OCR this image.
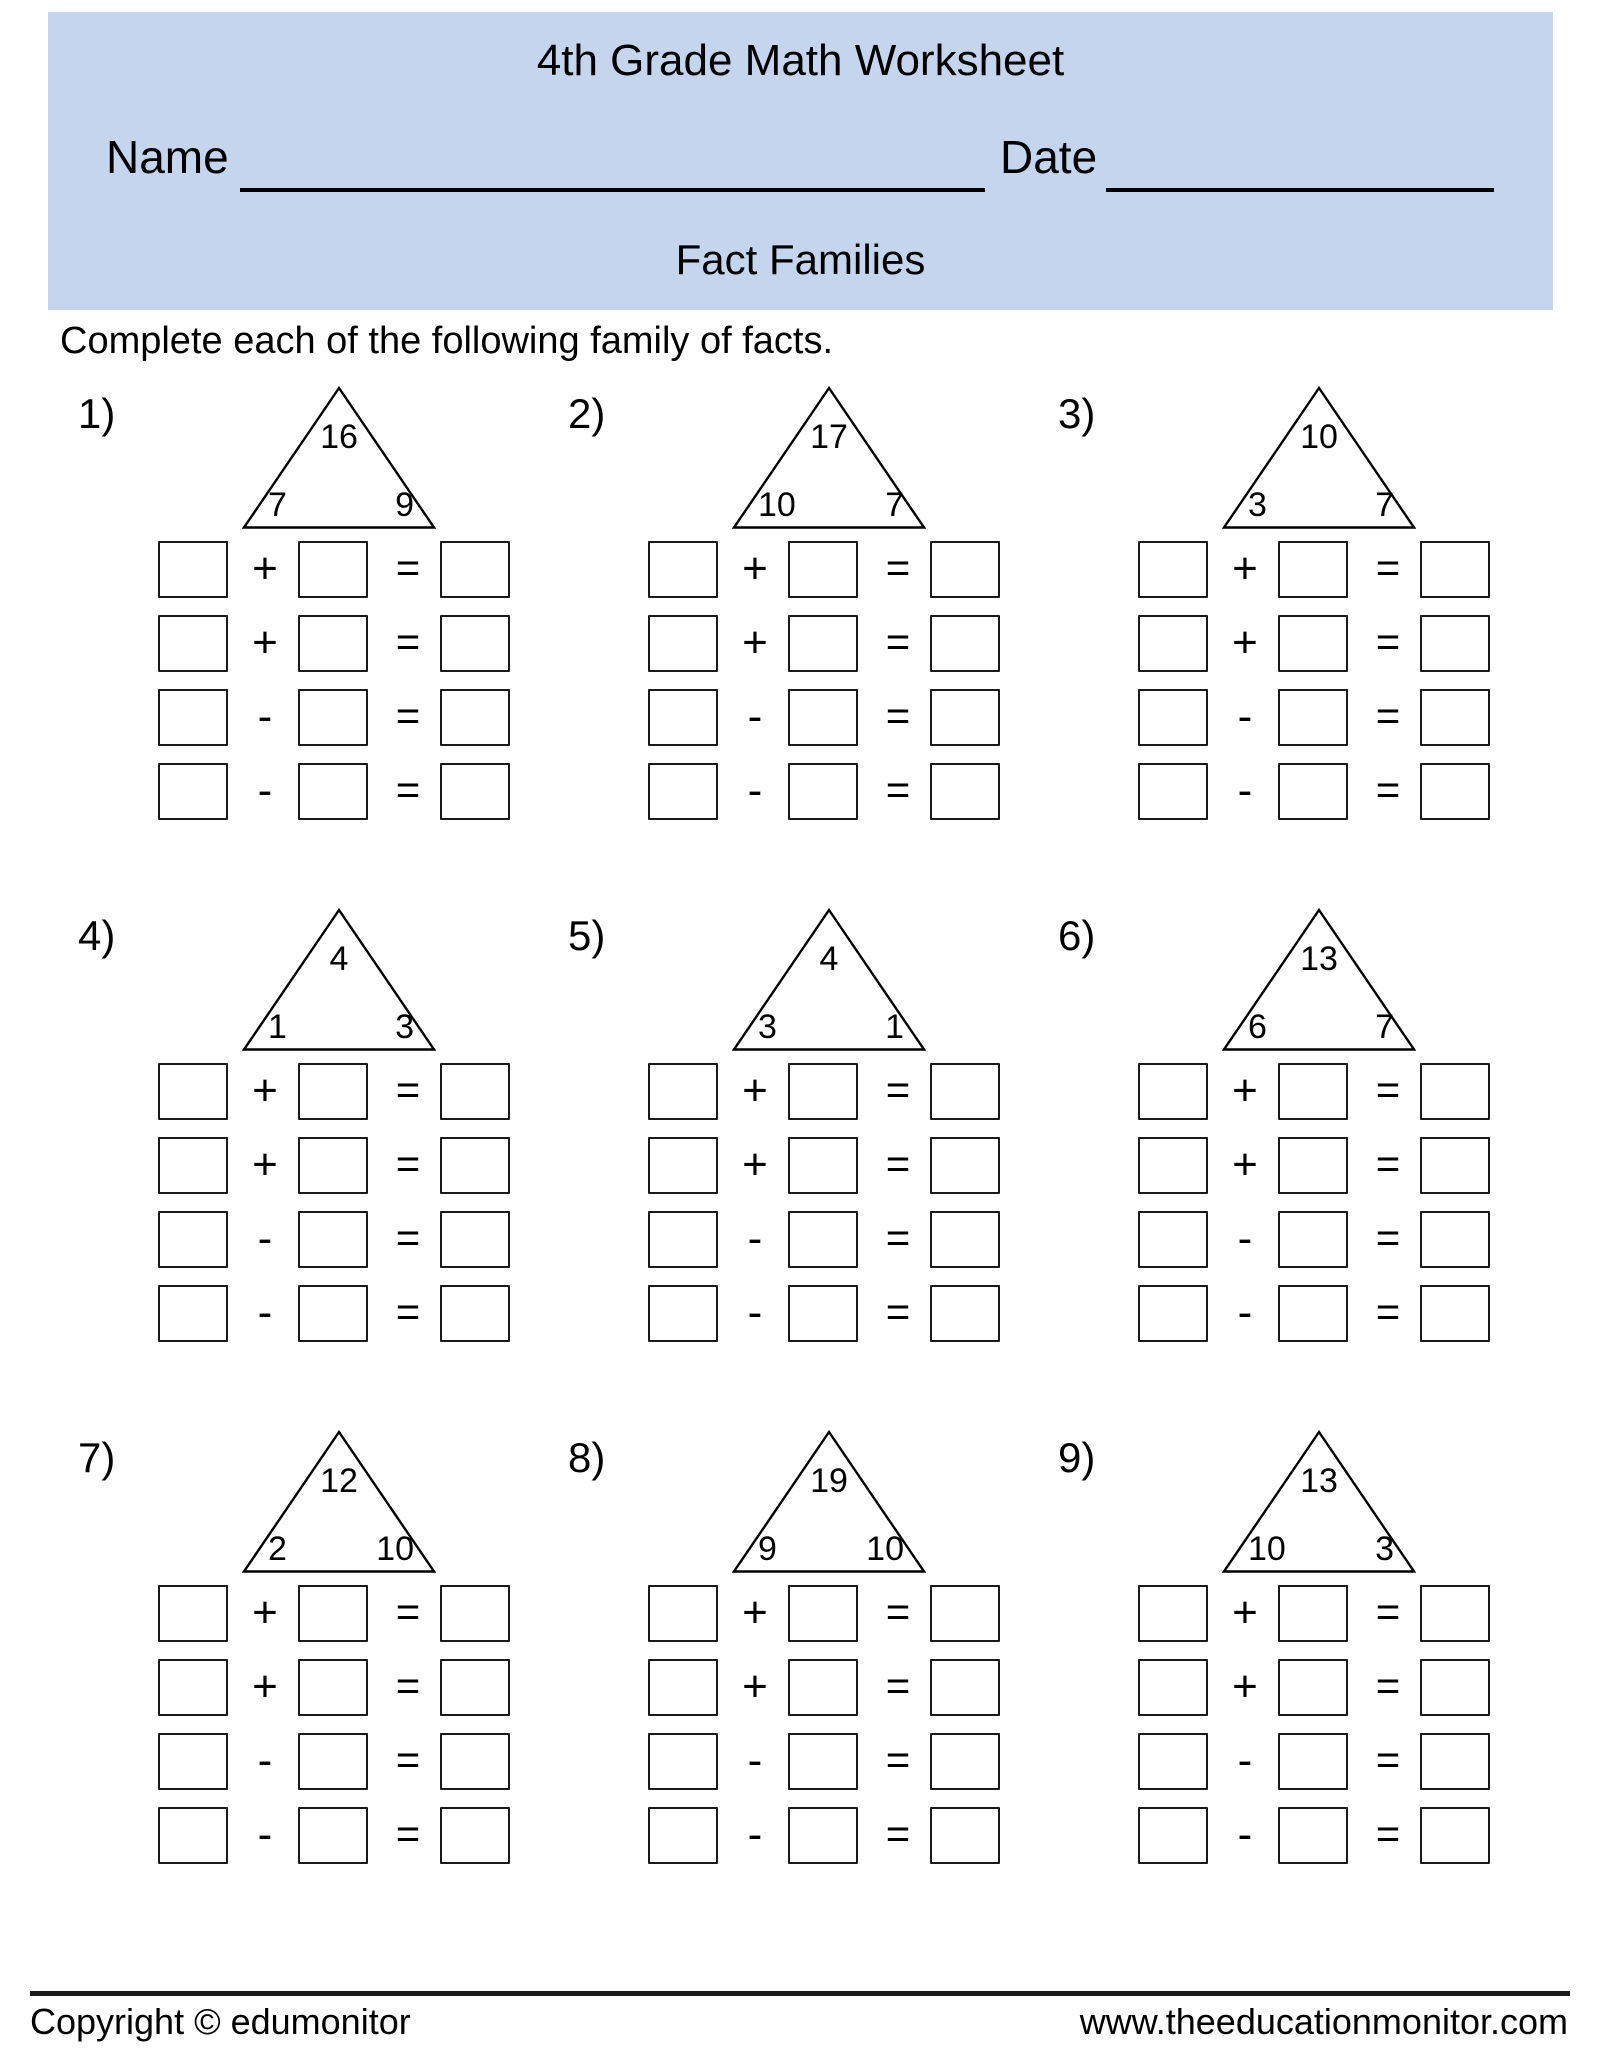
4th Grade Math Worksheet
Name	Date
Fact Families
Complete each of the following family of facts.
1)	16
7	9
+	=
+	=
-	=
-	=
2)	17
10	7
+	=
+	=
-	=
-	=
3)	10
3	7
+	=
+	=
-	=
-	=
4)	4
1	3
+	=
+	=
-	=
-	=
5)	4
3	1
+	=
+	=
-	=
-	=
6)	13
6	7
+	=
+	=
-	=
-	=
7)	12
2	10
+	=
+	=
-	=
-	=
8)	19
9	10
+	=
+	=
-	=
-	=
9)	13
10	3
+	=
+	=
-	=
-	=
Copyright © edumonitor	www.theeducationmonitor.com
